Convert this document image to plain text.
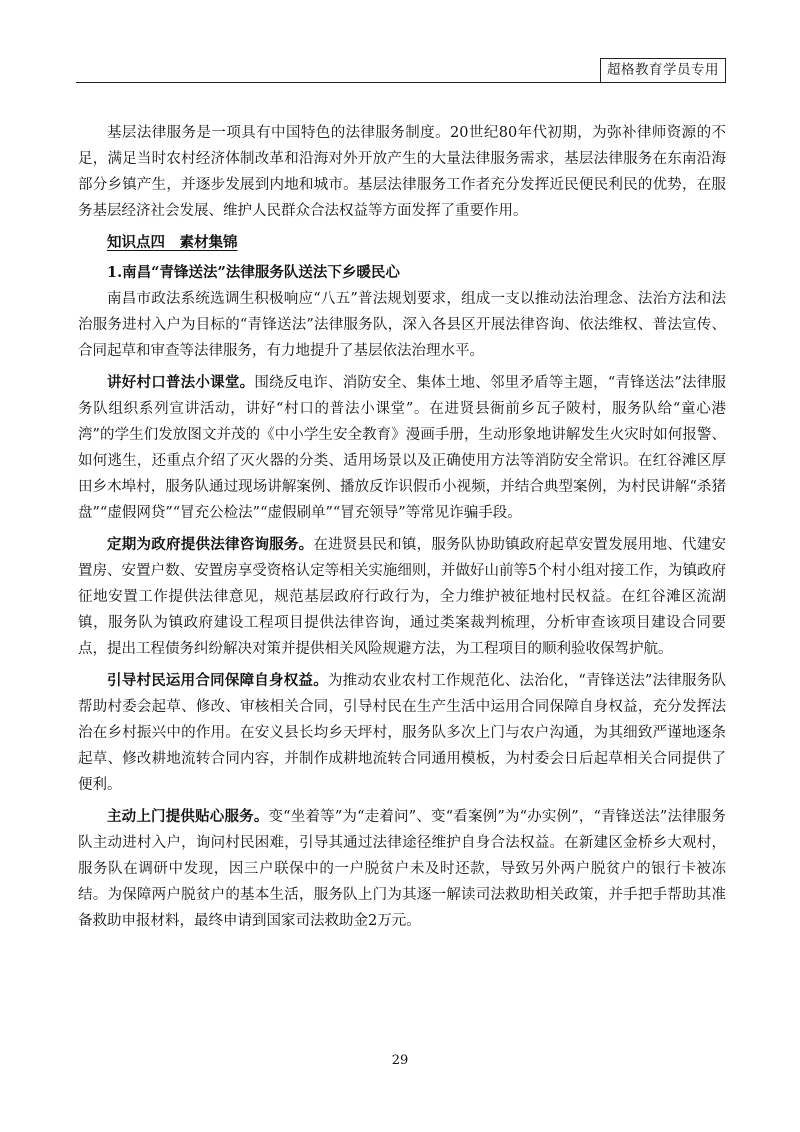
超格教育学员专用

基层法律服务是一项具有中国特色的法律服务制度。20世纪80年代初期，为弥补律师资源的不足，满足当时农村经济体制改革和沿海对外开放产生的大量法律服务需求，基层法律服务在东南沿海部分乡镇产生，并逐步发展到内地和城市。基层法律服务工作者充分发挥近民便民利民的优势，在服务基层经济社会发展、维护人民群众合法权益等方面发挥了重要作用。

知识点四　素材集锦

1.南昌“青锋送法”法律服务队送法下乡暖民心

南昌市政法系统选调生积极响应“八五”普法规划要求，组成一支以推动法治理念、法治方法和法治服务进村入户为目标的“青锋送法”法律服务队，深入各县区开展法律咨询、依法维权、普法宣传、合同起草和审查等法律服务，有力地提升了基层依法治理水平。

讲好村口普法小课堂。围绕反电诈、消防安全、集体土地、邻里矛盾等主题，“青锋送法”法律服务队组织系列宣讲活动，讲好“村口的普法小课堂”。在进贤县衙前乡瓦子陂村，服务队给“童心港湾”的学生们发放图文并茂的《中小学生安全教育》漫画手册，生动形象地讲解发生火灾时如何报警、如何逃生，还重点介绍了灭火器的分类、适用场景以及正确使用方法等消防安全常识。在红谷滩区厚田乡木埠村，服务队通过现场讲解案例、播放反诈识假币小视频，并结合典型案例，为村民讲解“杀猪盘”“虚假网贷”“冒充公检法”“虚假刷单”“冒充领导”等常见诈骗手段。

定期为政府提供法律咨询服务。在进贤县民和镇，服务队协助镇政府起草安置发展用地、代建安置房、安置户数、安置房享受资格认定等相关实施细则，并做好山前等5个村小组对接工作，为镇政府征地安置工作提供法律意见，规范基层政府行政行为，全力维护被征地村民权益。在红谷滩区流湖镇，服务队为镇政府建设工程项目提供法律咨询，通过类案裁判梳理，分析审查该项目建设合同要点，提出工程债务纠纷解决对策并提供相关风险规避方法，为工程项目的顺利验收保驾护航。

引导村民运用合同保障自身权益。为推动农业农村工作规范化、法治化，“青锋送法”法律服务队帮助村委会起草、修改、审核相关合同，引导村民在生产生活中运用合同保障自身权益，充分发挥法治在乡村振兴中的作用。在安义县长均乡天坪村，服务队多次上门与农户沟通，为其细致严谨地逐条起草、修改耕地流转合同内容，并制作成耕地流转合同通用模板，为村委会日后起草相关合同提供了便利。

主动上门提供贴心服务。变“坐着等”为“走着问”、变“看案例”为“办实例”，“青锋送法”法律服务队主动进村入户，询问村民困难，引导其通过法律途径维护自身合法权益。在新建区金桥乡大观村，服务队在调研中发现，因三户联保中的一户脱贫户未及时还款，导致另外两户脱贫户的银行卡被冻结。为保障两户脱贫户的基本生活，服务队上门为其逐一解读司法救助相关政策，并手把手帮助其准备救助申报材料，最终申请到国家司法救助金2万元。

29
